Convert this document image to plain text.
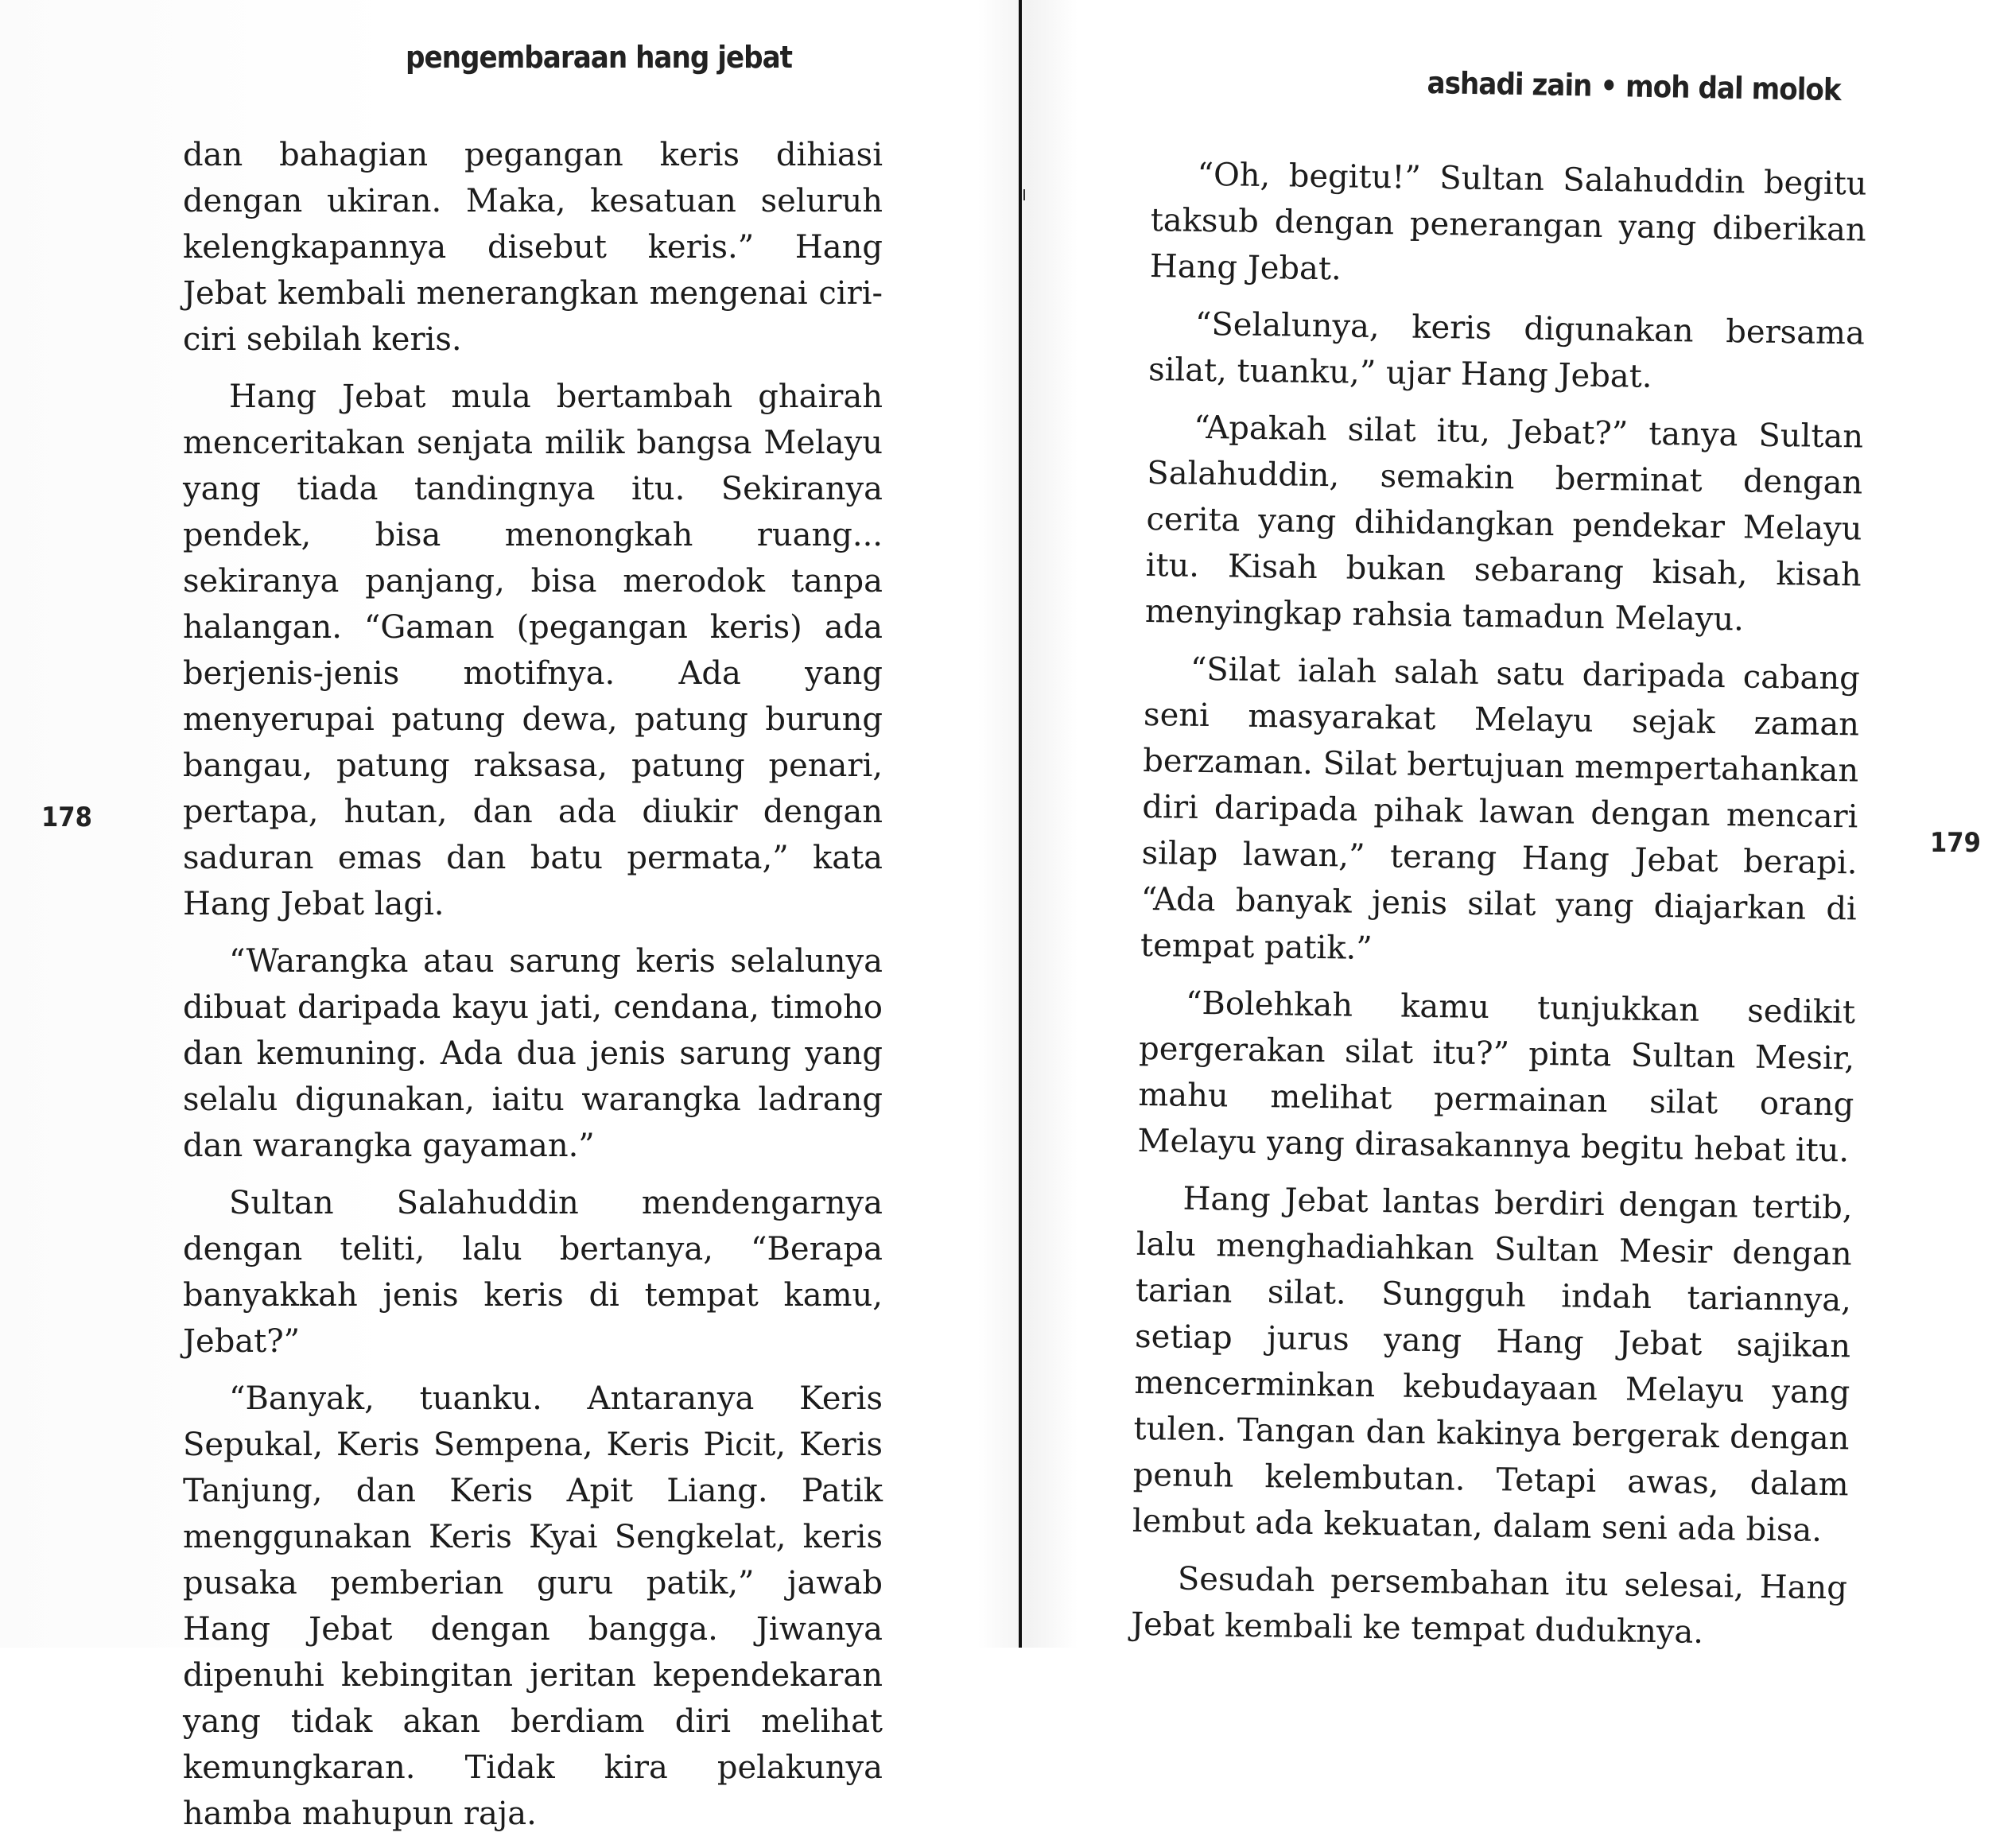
pengembaraan hang jebat
ashadi zain • moh dal molok
178
179

dan bahagian pegangan keris dihiasi dengan ukiran. Maka, kesatuan seluruh kelengkapannya disebut keris.” Hang Jebat kembali menerangkan mengenai ciri-ciri sebilah keris.

Hang Jebat mula bertambah ghairah menceritakan senjata milik bangsa Melayu yang tiada tandingnya itu. Sekiranya pendek, bisa menongkah ruang... sekiranya panjang, bisa merodok tanpa halangan. “Gaman (pegangan keris) ada berjenis-jenis motifnya. Ada yang menyerupai patung dewa, patung burung bangau, patung raksasa, patung penari, pertapa, hutan, dan ada diukir dengan saduran emas dan batu permata,” kata Hang Jebat lagi.

“Warangka atau sarung keris selalunya dibuat daripada kayu jati, cendana, timoho dan kemuning. Ada dua jenis sarung yang selalu digunakan, iaitu warangka ladrang dan warangka gayaman.”

Sultan Salahuddin mendengarnya dengan teliti, lalu bertanya, “Berapa banyakkah jenis keris di tempat kamu, Jebat?”

“Banyak, tuanku. Antaranya Keris Sepukal, Keris Sempena, Keris Picit, Keris Tanjung, dan Keris Apit Liang. Patik menggunakan Keris Kyai Sengkelat, keris pusaka pemberian guru patik,” jawab Hang Jebat dengan bangga. Jiwanya dipenuhi kebingitan jeritan kependekaran yang tidak akan berdiam diri melihat kemungkaran. Tidak kira pelakunya hamba mahupun raja.

“Oh, begitu!” Sultan Salahuddin begitu taksub dengan penerangan yang diberikan Hang Jebat.

“Selalunya, keris digunakan bersama silat, tuanku,” ujar Hang Jebat.

“Apakah silat itu, Jebat?” tanya Sultan Salahuddin, semakin berminat dengan cerita yang dihidangkan pendekar Melayu itu. Kisah bukan sebarang kisah, kisah menyingkap rahsia tamadun Melayu.

“Silat ialah salah satu daripada cabang seni masyarakat Melayu sejak zaman berzaman. Silat bertujuan mempertahankan diri daripada pihak lawan dengan mencari silap lawan,” terang Hang Jebat berapi. “Ada banyak jenis silat yang diajarkan di tempat patik.”

“Bolehkah kamu tunjukkan sedikit pergerakan silat itu?” pinta Sultan Mesir, mahu melihat permainan silat orang Melayu yang dirasakannya begitu hebat itu.

Hang Jebat lantas berdiri dengan tertib, lalu menghadiahkan Sultan Mesir dengan tarian silat. Sungguh indah tariannya, setiap jurus yang Hang Jebat sajikan mencerminkan kebudayaan Melayu yang tulen. Tangan dan kakinya bergerak dengan penuh kelembutan. Tetapi awas, dalam lembut ada kekuatan, dalam seni ada bisa.

Sesudah persembahan itu selesai, Hang Jebat kembali ke tempat duduknya.
